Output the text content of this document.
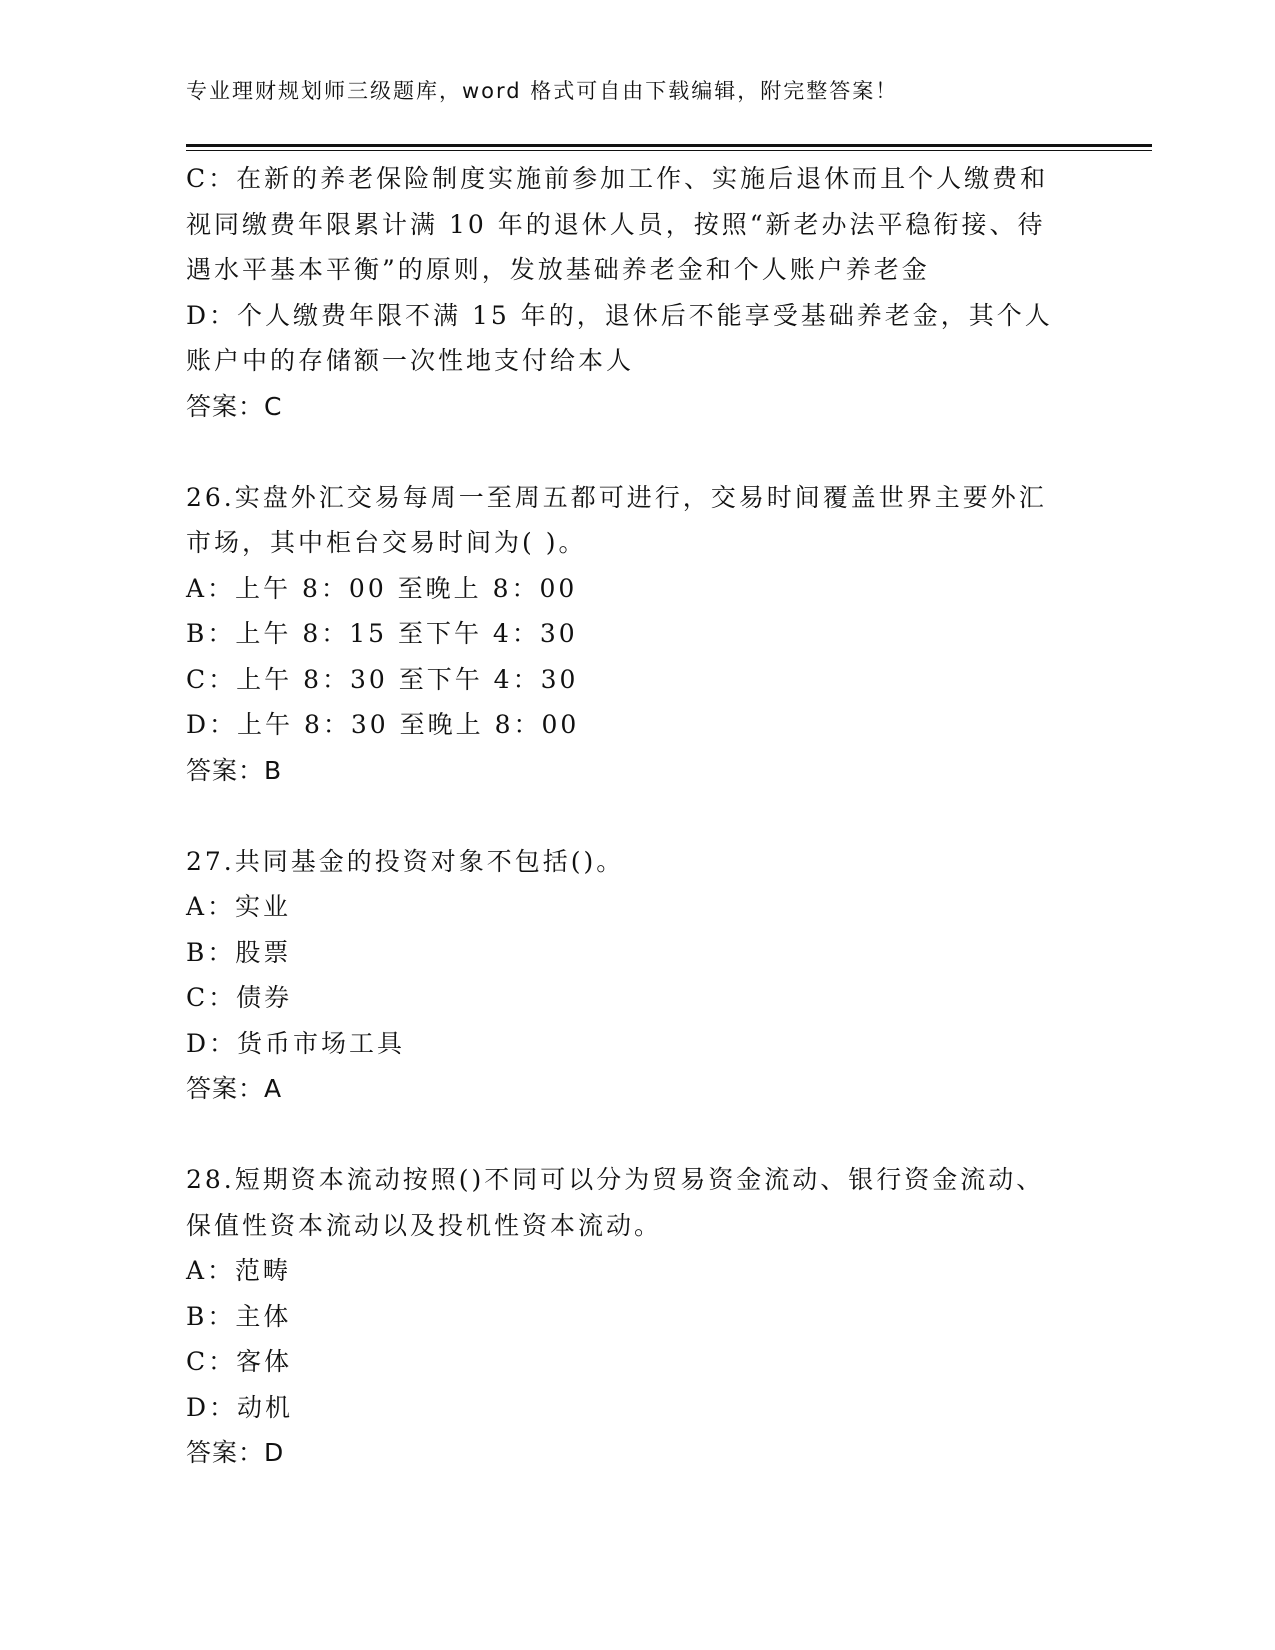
专业理财规划师三级题库，word 格式可自由下载编辑，附完整答案！
C：在新的养老保险制度实施前参加工作、实施后退休而且个人缴费和
视同缴费年限累计满 10 年的退休人员，按照“新老办法平稳衔接、待
遇水平基本平衡”的原则，发放基础养老金和个人账户养老金
D：个人缴费年限不满 15 年的，退休后不能享受基础养老金，其个人
账户中的存储额一次性地支付给本人
答案：C
26.实盘外汇交易每周一至周五都可进行，交易时间覆盖世界主要外汇
市场，其中柜台交易时间为( )。
A：上午 8：00 至晚上 8：00
B：上午 8：15 至下午 4：30
C：上午 8：30 至下午 4：30
D：上午 8：30 至晚上 8：00
答案：B
27.共同基金的投资对象不包括()。
A：实业
B：股票
C：债券
D：货币市场工具
答案：A
28.短期资本流动按照()不同可以分为贸易资金流动、银行资金流动、
保值性资本流动以及投机性资本流动。
A：范畴
B：主体
C：客体
D：动机
答案：D
